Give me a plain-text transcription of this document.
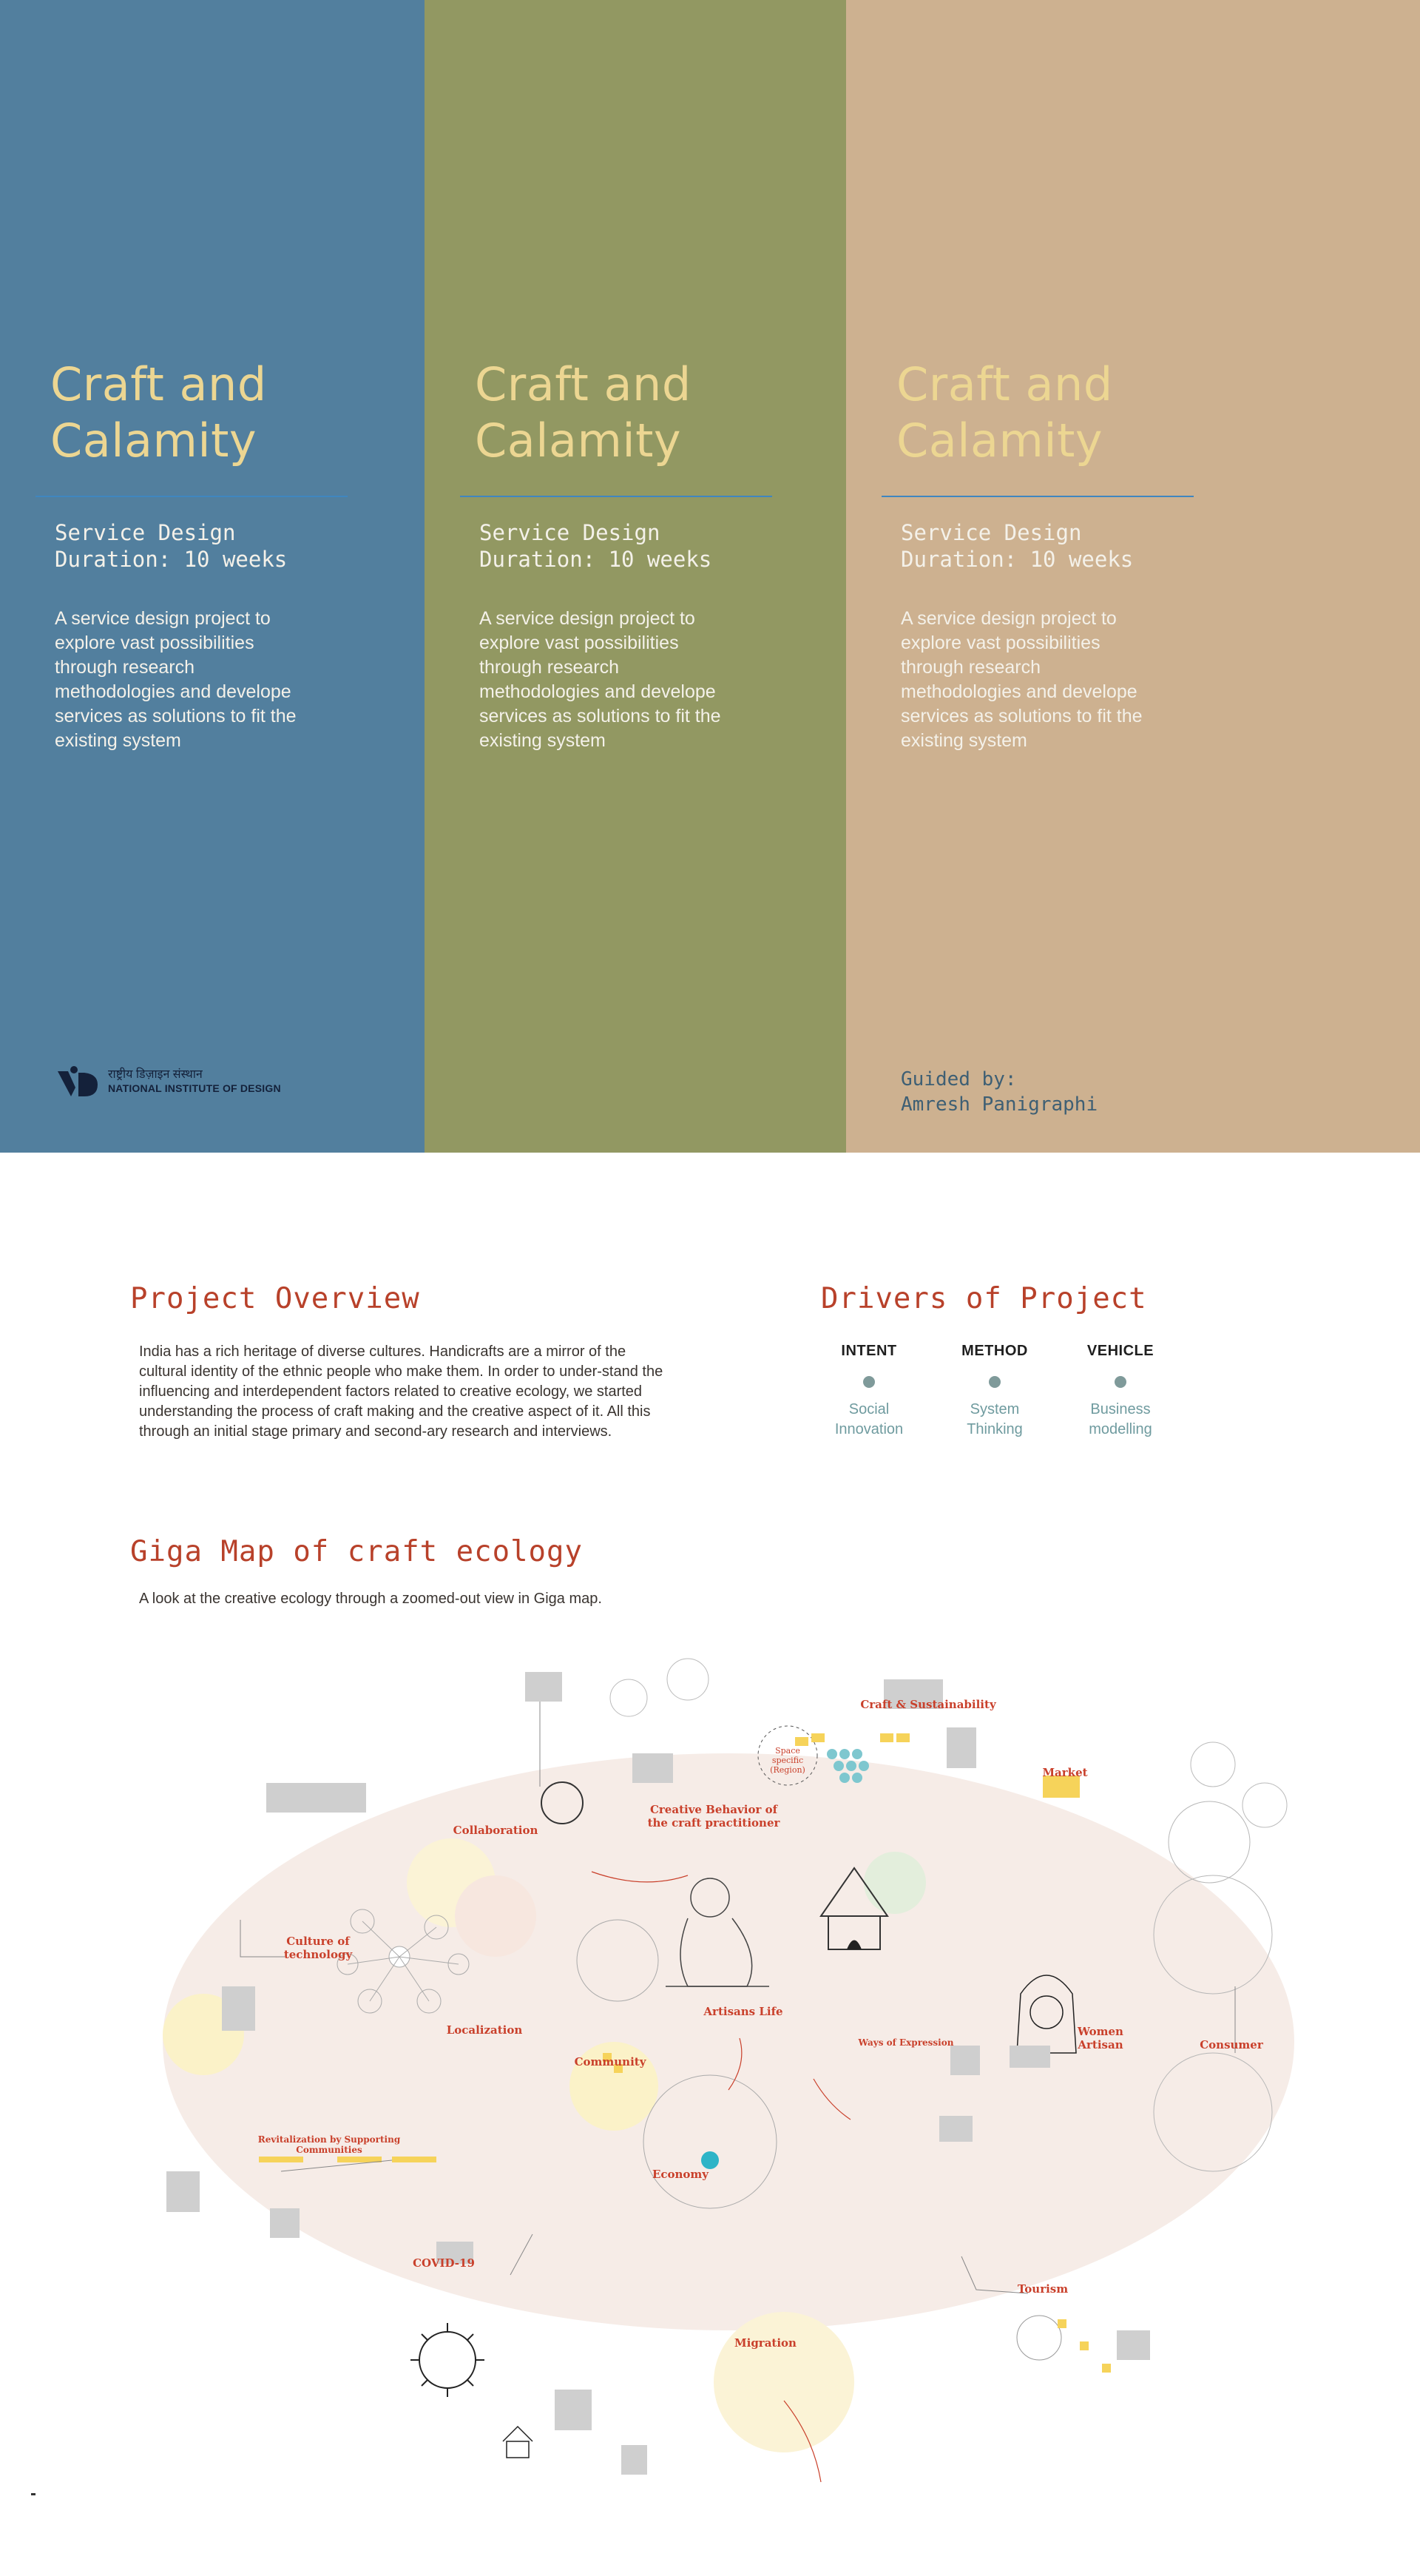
Craft and
Calamity
Service Design
Duration: 10 weeks
A service design project to explore vast possibilities through research methodologies and develope services as solutions to fit the existing system
राष्ट्रीय डिज़ाइन संस्थान
NATIONAL INSTITUTE OF DESIGN
Craft and
Calamity
Service Design
Duration: 10 weeks
A service design project to explore vast possibilities through research methodologies and develope services as solutions to fit the existing system
Craft and
Calamity
Service Design
Duration: 10 weeks
A service design project to explore vast possibilities through research methodologies and develope services as solutions to fit the existing system
Guided by:
Amresh Panigraphi
Project Overview
India has a rich heritage of diverse cultures. Handicrafts are a mirror of the cultural identity of the ethnic people who make them. In order to under-stand the influencing and interdependent factors related to creative ecology, we started understanding the process of craft making and the creative aspect of it. All this through an initial stage primary and second-ary research and interviews.
Drivers of Project
INTENT
Social Innovation
METHOD
System Thinking
VEHICLE
Business modelling
Giga Map of craft ecology
A look at the creative ecology through a zoomed-out view in Giga map.
Craft & Sustainability
Market
Creative Behavior of the craft practitioner
Collaboration
Culture of technology
Localization
Community
Artisans Life
Ways of Expression
Women Artisan	Consumer
Revitalization by Supporting Communities
Economy
COVID-19
Tourism
Migration
Space specific (Region)
